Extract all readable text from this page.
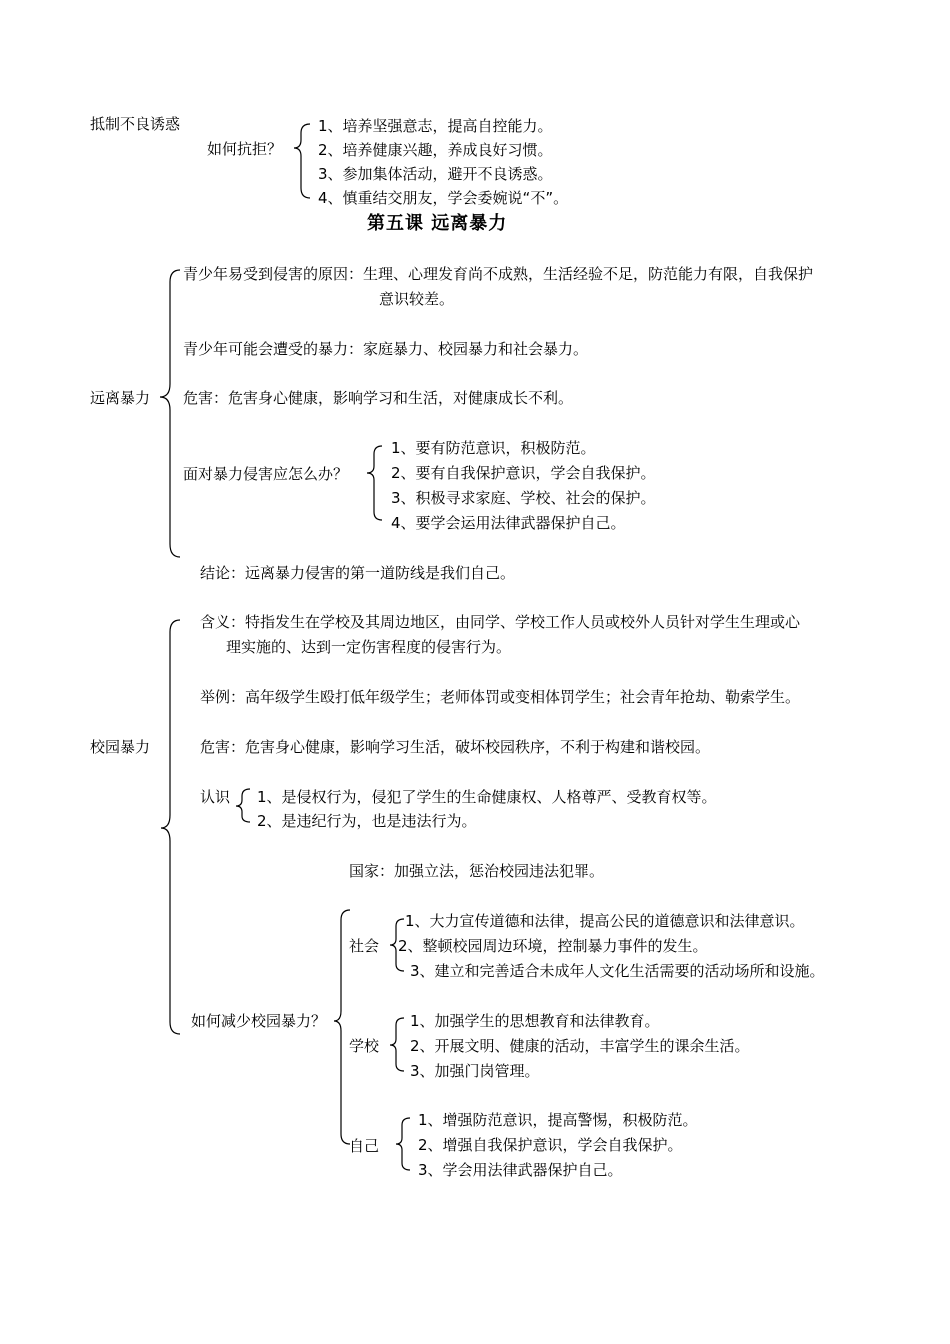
抵制不良诱惑
如何抗拒？
1、培养坚强意志，提高自控能力。
2、培养健康兴趣，养成良好习惯。
3、参加集体活动，避开不良诱惑。
4、慎重结交朋友，学会委婉说“不”。
第五课 远离暴力
远离暴力
青少年易受到侵害的原因：生理、心理发育尚不成熟，生活经验不足，防范能力有限，自我保护
意识较差。
青少年可能会遭受的暴力：家庭暴力、校园暴力和社会暴力。
危害：危害身心健康，影响学习和生活，对健康成长不利。
面对暴力侵害应怎么办？
1、要有防范意识，积极防范。
2、要有自我保护意识，学会自我保护。
3、积极寻求家庭、学校、社会的保护。
4、要学会运用法律武器保护自己。
结论：远离暴力侵害的第一道防线是我们自己。
校园暴力
含义：特指发生在学校及其周边地区，由同学、学校工作人员或校外人员针对学生生理或心
理实施的、达到一定伤害程度的侵害行为。
举例：高年级学生殴打低年级学生；老师体罚或变相体罚学生；社会青年抢劫、勒索学生。
危害：危害身心健康，影响学习生活，破坏校园秩序，不利于构建和谐校园。
认识 1、是侵权行为，侵犯了学生的生命健康权、人格尊严、受教育权等。
2、是违纪行为，也是违法行为。
国家：加强立法，惩治校园违法犯罪。
如何减少校园暴力？
社会
1、大力宣传道德和法律，提高公民的道德意识和法律意识。
2、整顿校园周边环境，控制暴力事件的发生。
3、建立和完善适合未成年人文化生活需要的活动场所和设施。
学校
1、加强学生的思想教育和法律教育。
2、开展文明、健康的活动，丰富学生的课余生活。
3、加强门岗管理。
自己
1、增强防范意识，提高警惕，积极防范。
2、增强自我保护意识，学会自我保护。
3、学会用法律武器保护自己。
